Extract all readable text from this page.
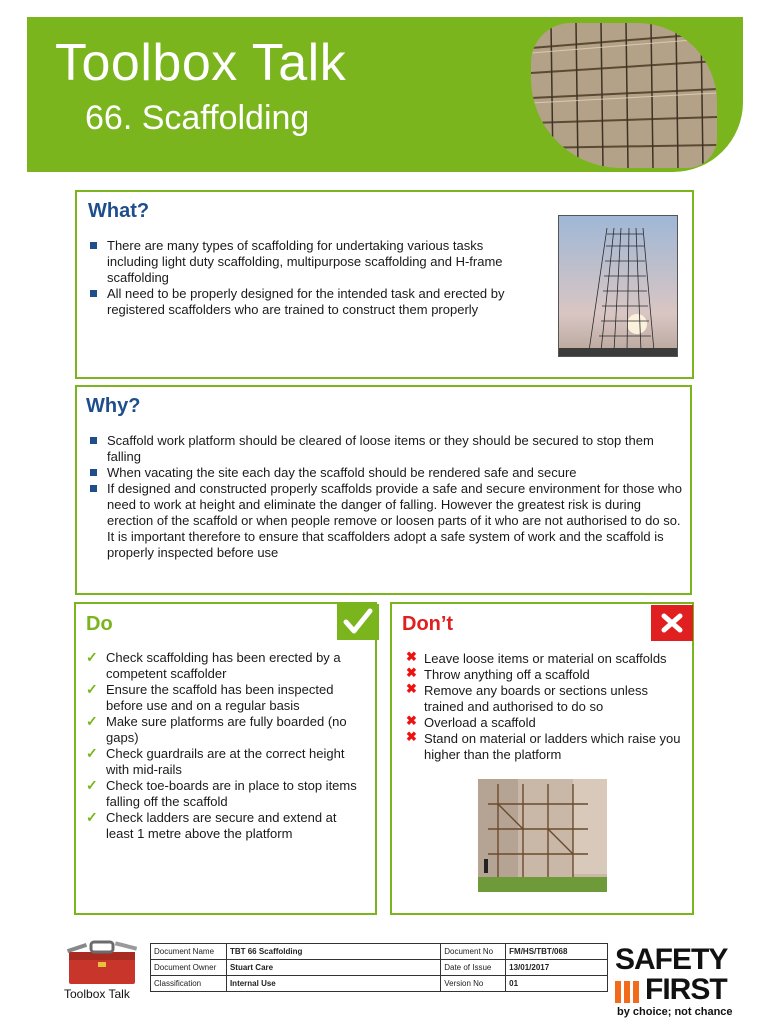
Toolbox Talk
66. Scaffolding
What?
There are many types of scaffolding for undertaking various tasks including light duty scaffolding, multipurpose scaffolding and H-frame scaffolding
All need to be properly designed for the intended task and erected by registered scaffolders who are trained to construct them properly
Why?
Scaffold work platform should be cleared of loose items or they should be secured to stop them falling
When vacating the site each day the scaffold should be rendered safe and secure
If designed and constructed properly scaffolds provide a safe and secure environment for those who need to work at height and eliminate the danger of falling. However the greatest risk is during erection of the scaffold or when people remove or loosen parts of it who are not authorised to do so. It is important therefore to ensure that scaffolders adopt a safe system of work and the scaffold is properly inspected before use
Do
✓ Check scaffolding has been erected by a competent scaffolder
✓ Ensure the scaffold has been inspected before use and on a regular basis
✓ Make sure platforms are fully boarded (no gaps)
✓ Check guardrails are at the correct height with mid-rails
✓ Check toe-boards are in place to stop items falling off the scaffold
✓ Check ladders are secure and extend at least 1 metre above the platform
Don’t
✖ Leave loose items or material on scaffolds
✖ Throw anything off a scaffold
✖ Remove any boards or sections unless trained and authorised to do so
✖ Overload a scaffold
✖ Stand on material or ladders which raise you higher than the platform
Toolbox Talk
Document Name	TBT 66 Scaffolding	Document No	FM/HS/TBT/068
Document Owner	Stuart Care	Date of Issue	13/01/2017
Classification	Internal Use	Version No	01
SAFETY
FIRST
by choice; not chance
